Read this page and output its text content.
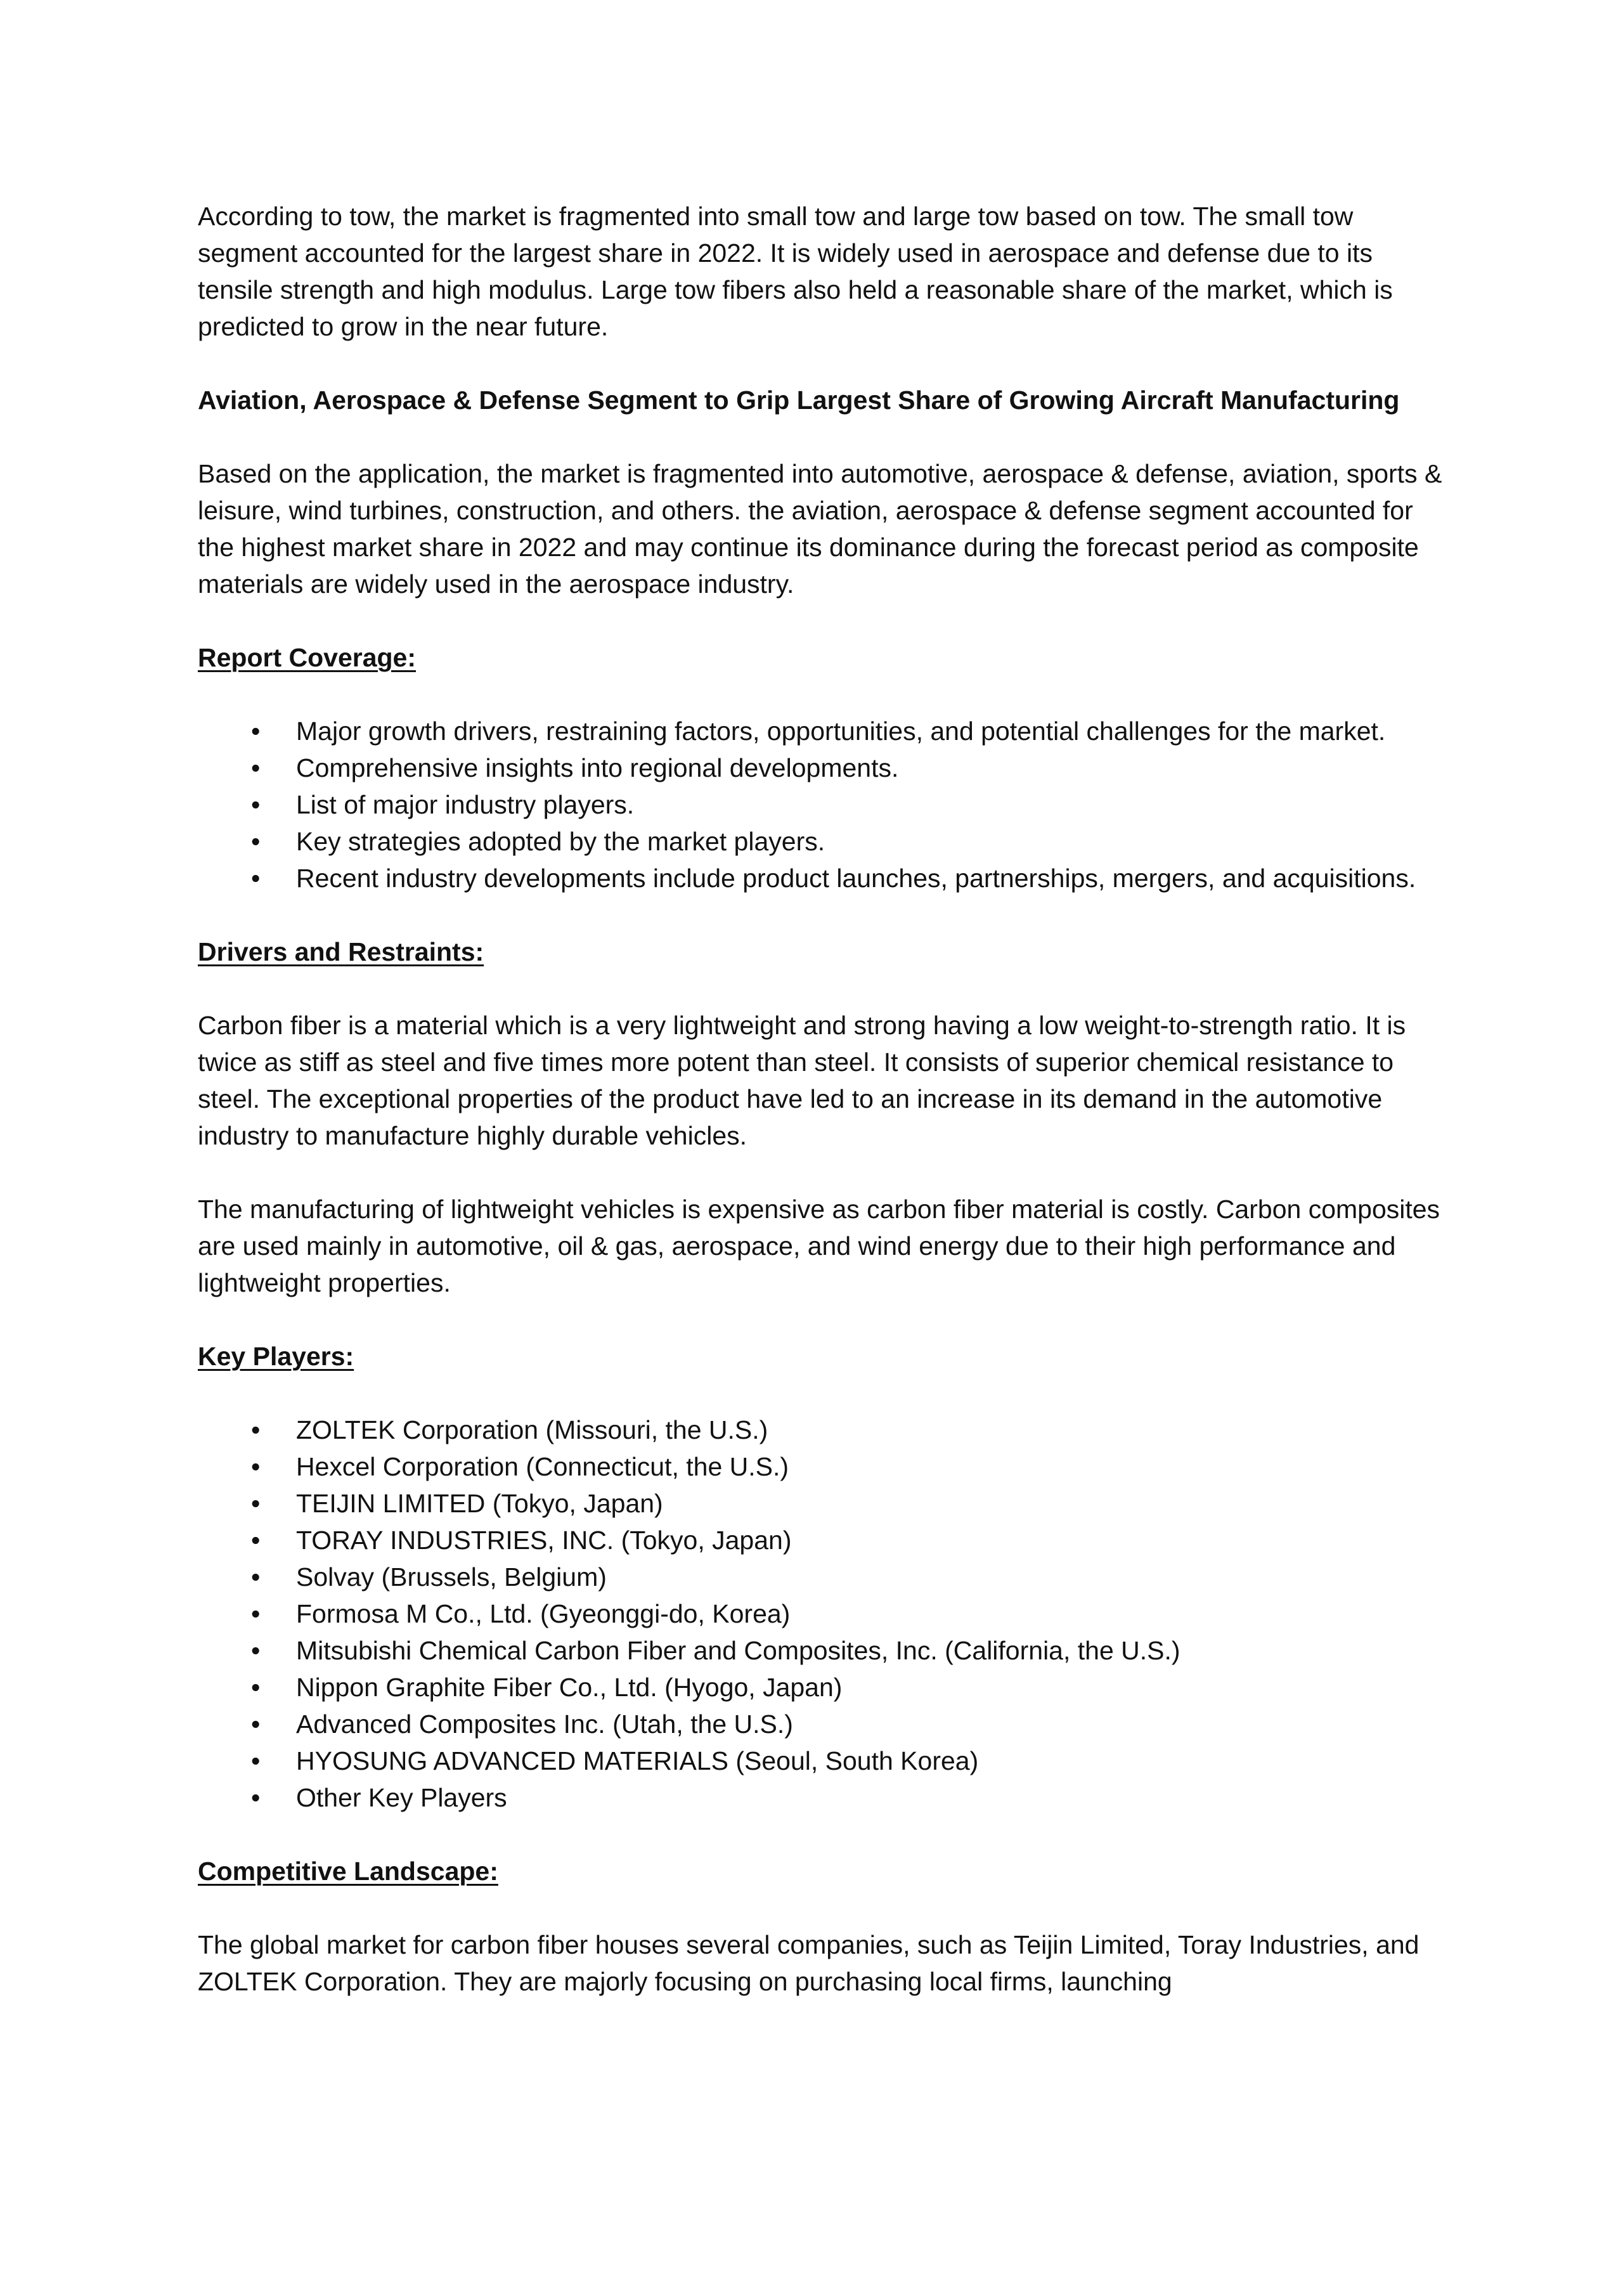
According to tow, the market is fragmented into small tow and large tow based on tow. The small tow segment accounted for the largest share in 2022. It is widely used in aerospace and defense due to its tensile strength and high modulus. Large tow fibers also held a reasonable share of the market, which is predicted to grow in the near future.

Aviation, Aerospace & Defense Segment to Grip Largest Share of Growing Aircraft Manufacturing

Based on the application, the market is fragmented into automotive, aerospace & defense, aviation, sports & leisure, wind turbines, construction, and others. the aviation, aerospace & defense segment accounted for the highest market share in 2022 and may continue its dominance during the forecast period as composite materials are widely used in the aerospace industry.

Report Coverage:

• Major growth drivers, restraining factors, opportunities, and potential challenges for the market.
• Comprehensive insights into regional developments.
• List of major industry players.
• Key strategies adopted by the market players.
• Recent industry developments include product launches, partnerships, mergers, and acquisitions.

Drivers and Restraints:

Carbon fiber is a material which is a very lightweight and strong having a low weight-to-strength ratio. It is twice as stiff as steel and five times more potent than steel. It consists of superior chemical resistance to steel. The exceptional properties of the product have led to an increase in its demand in the automotive industry to manufacture highly durable vehicles.

The manufacturing of lightweight vehicles is expensive as carbon fiber material is costly. Carbon composites are used mainly in automotive, oil & gas, aerospace, and wind energy due to their high performance and lightweight properties.

Key Players:

• ZOLTEK Corporation (Missouri, the U.S.)
• Hexcel Corporation (Connecticut, the U.S.)
• TEIJIN LIMITED (Tokyo, Japan)
• TORAY INDUSTRIES, INC. (Tokyo, Japan)
• Solvay (Brussels, Belgium)
• Formosa M Co., Ltd. (Gyeonggi-do, Korea)
• Mitsubishi Chemical Carbon Fiber and Composites, Inc. (California, the U.S.)
• Nippon Graphite Fiber Co., Ltd. (Hyogo, Japan)
• Advanced Composites Inc. (Utah, the U.S.)
• HYOSUNG ADVANCED MATERIALS (Seoul, South Korea)
• Other Key Players

Competitive Landscape:

The global market for carbon fiber houses several companies, such as Teijin Limited, Toray Industries, and ZOLTEK Corporation. They are majorly focusing on purchasing local firms, launching
